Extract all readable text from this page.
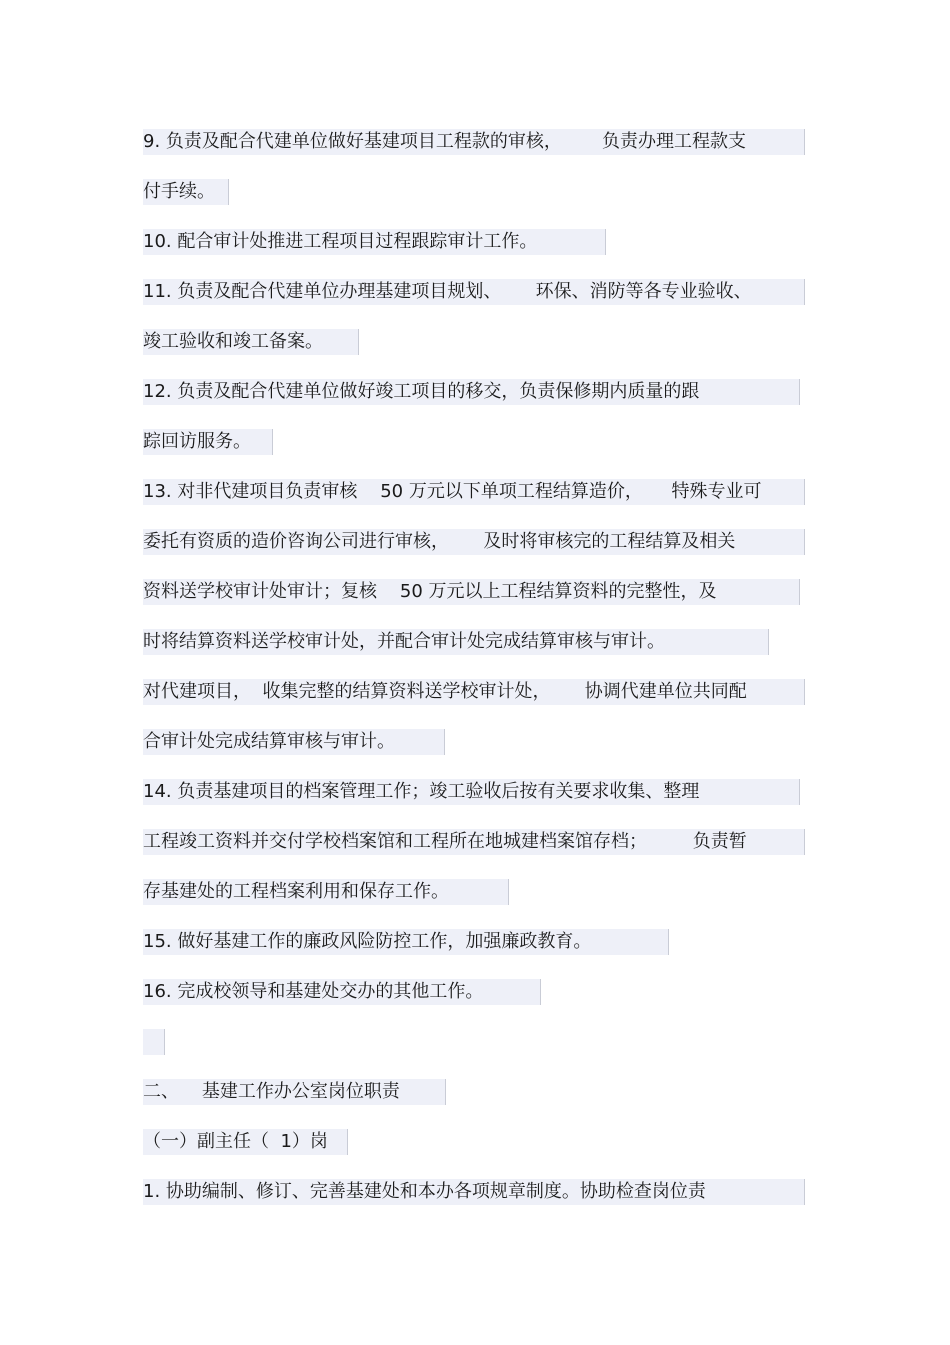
9. 负责及配合代建单位做好基建项目工程款的审核，       负责办理工程款支
付手续。
10. 配合审计处推进工程项目过程跟踪审计工作。
11. 负责及配合代建单位办理基建项目规划、      环保、消防等各专业验收、
竣工验收和竣工备案。
12. 负责及配合代建单位做好竣工项目的移交，负责保修期内质量的跟
踪回访服务。
13. 对非代建项目负责审核    50 万元以下单项工程结算造价，     特殊专业可
委托有资质的造价咨询公司进行审核，      及时将审核完的工程结算及相关
资料送学校审计处审计；复核    50 万元以上工程结算资料的完整性，及
时将结算资料送学校审计处，并配合审计处完成结算审核与审计。
对代建项目，  收集完整的结算资料送学校审计处，      协调代建单位共同配
合审计处完成结算审核与审计。
14. 负责基建项目的档案管理工作；竣工验收后按有关要求收集、整理
工程竣工资料并交付学校档案馆和工程所在地城建档案馆存档；        负责暂
存基建处的工程档案利用和保存工作。
15. 做好基建工作的廉政风险防控工作，加强廉政教育。
16. 完成校领导和基建处交办的其他工作。
二、    基建工作办公室岗位职责
（一）副主任（  1）岗
1. 协助编制、修订、完善基建处和本办各项规章制度。协助检查岗位责
